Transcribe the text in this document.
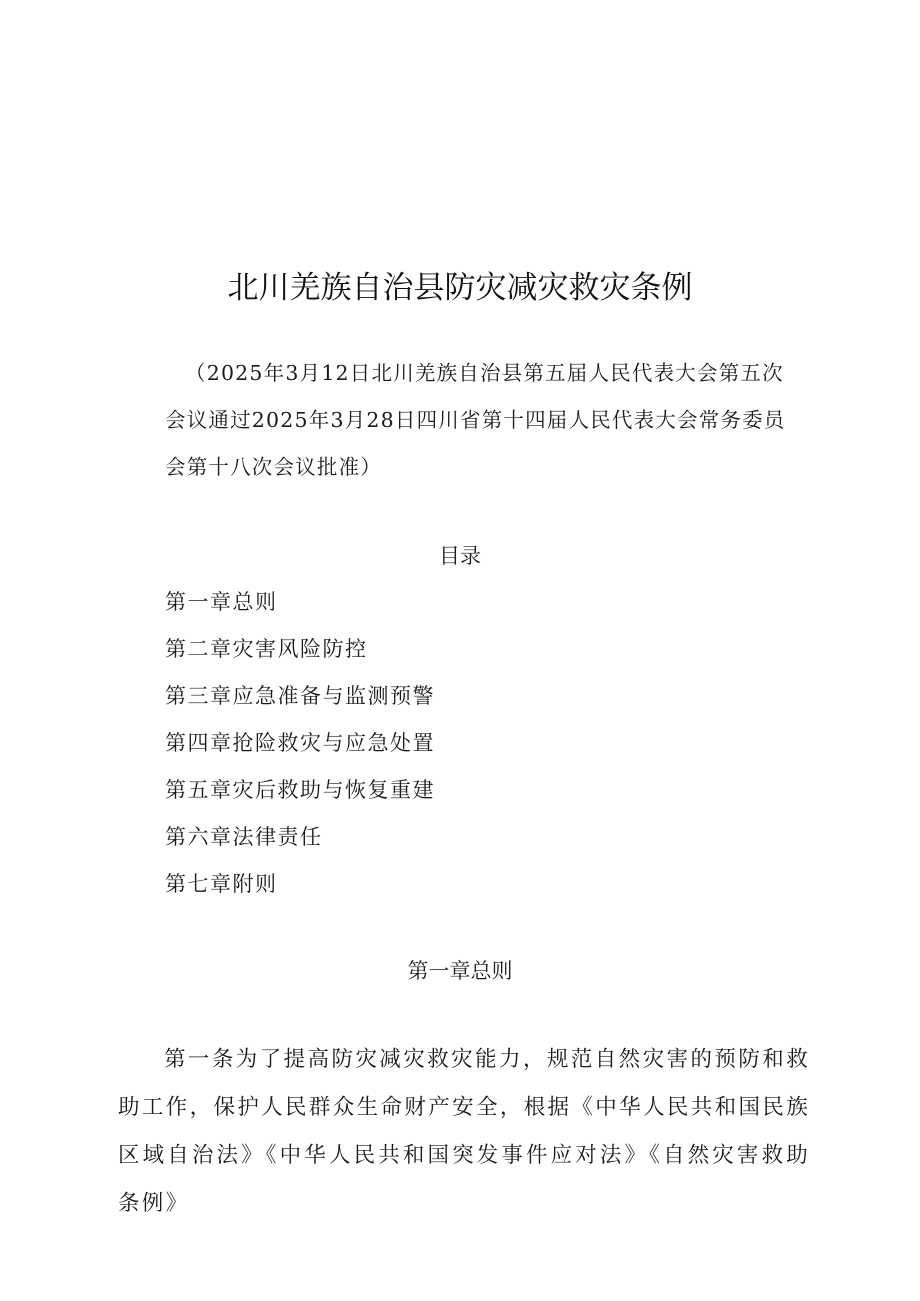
北川羌族自治县防灾减灾救灾条例
（2025年3月12日北川羌族自治县第五届人民代表大会第五次会议通过2025年3月28日四川省第十四届人民代表大会常务委员会第十八次会议批准）
目录
第一章总则
第二章灾害风险防控
第三章应急准备与监测预警
第四章抢险救灾与应急处置
第五章灾后救助与恢复重建
第六章法律责任
第七章附则
第一章总则
第一条为了提高防灾减灾救灾能力，规范自然灾害的预防和救助工作，保护人民群众生命财产安全，根据《中华人民共和国民族区域自治法》《中华人民共和国突发事件应对法》《自然灾害救助条例》
